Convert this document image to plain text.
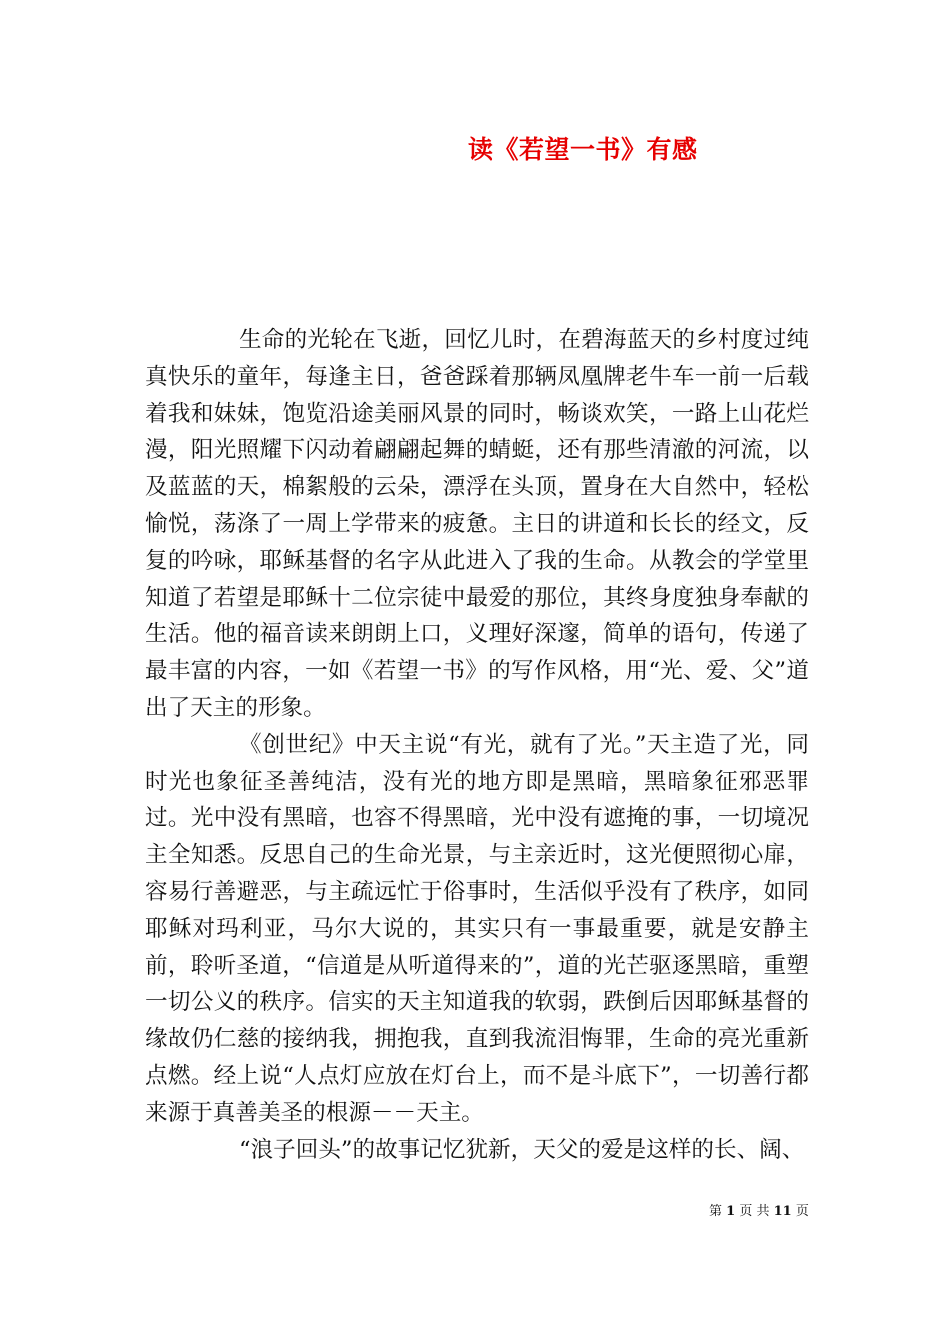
读《若望一书》有感

生命的光轮在飞逝，回忆儿时，在碧海蓝天的乡村度过纯真快乐的童年，每逢主日，爸爸踩着那辆凤凰牌老牛车一前一后载着我和妹妹，饱览沿途美丽风景的同时，畅谈欢笑，一路上山花烂漫，阳光照耀下闪动着翩翩起舞的蜻蜓，还有那些清澈的河流，以及蓝蓝的天，棉絮般的云朵，漂浮在头顶，置身在大自然中，轻松愉悦，荡涤了一周上学带来的疲惫。主日的讲道和长长的经文，反复的吟咏，耶稣基督的名字从此进入了我的生命。从教会的学堂里知道了若望是耶稣十二位宗徒中最爱的那位，其终身度独身奉献的生活。他的福音读来朗朗上口，义理好深邃，简单的语句，传递了最丰富的内容，一如《若望一书》的写作风格，用“光、爱、父”道出了天主的形象。

《创世纪》中天主说“有光，就有了光。”天主造了光，同时光也象征圣善纯洁，没有光的地方即是黑暗，黑暗象征邪恶罪过。光中没有黑暗，也容不得黑暗，光中没有遮掩的事，一切境况主全知悉。反思自己的生命光景，与主亲近时，这光便照彻心扉，容易行善避恶，与主疏远忙于俗事时，生活似乎没有了秩序，如同耶稣对玛利亚，马尔大说的，其实只有一事最重要，就是安静主前，聆听圣道，“信道是从听道得来的”，道的光芒驱逐黑暗，重塑一切公义的秩序。信实的天主知道我的软弱，跌倒后因耶稣基督的缘故仍仁慈的接纳我，拥抱我，直到我流泪悔罪，生命的亮光重新点燃。经上说“人点灯应放在灯台上，而不是斗底下”，一切善行都来源于真善美圣的根源－－天主。

“浪子回头”的故事记忆犹新，天父的爱是这样的长、阔、

第 1 页 共 11 页
